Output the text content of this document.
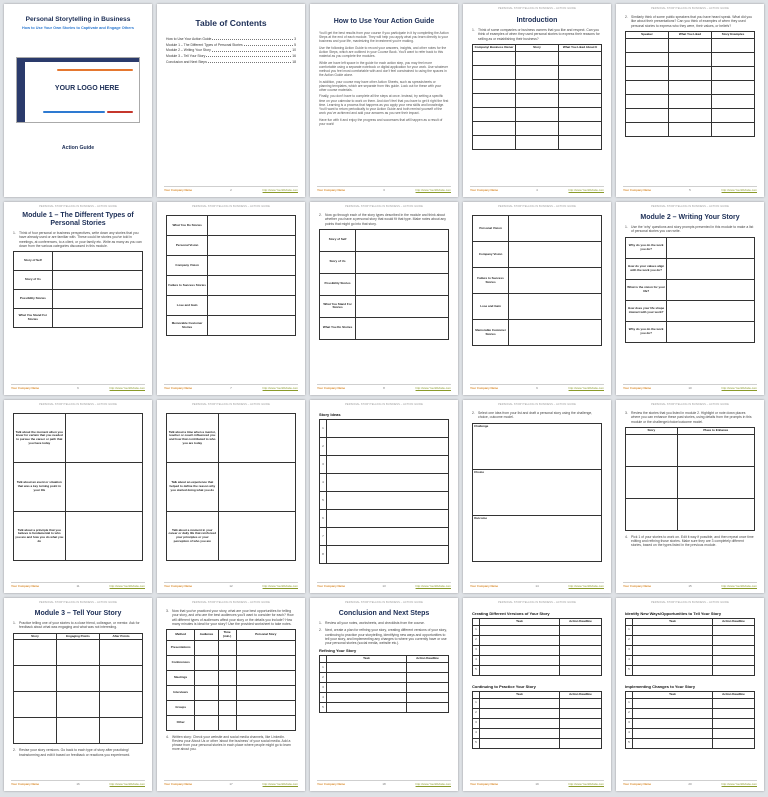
Personal Storytelling in Business
How to Use Your Own Stories to Captivate and Engage Others
YOUR LOGO HERE
Action Guide
Table of Contents
How to Use Your Action Guide	3
Module 1 – The Different Types of Personal Stories	5
Module 2 – Writing Your Story	10
Module 3 – Tell Your Story	16
Conclusion and Next Steps	18
Your Company Name	http://www.YourWebsite.com
2
How to Use Your Action Guide

You'll get the best results from your course if you participate in it by completing the Action Steps at the end of each module. They will help you apply what you learn directly to your business and your life, maximizing the investment you're making.

Use the following Action Guide to record your answers, insights, and other notes for the Action Steps, which are outlined in your Course Book. You'll want to refer back to this material as you complete the modules.

While we have left space in the guide for each action step, you may feel more comfortable using a separate notebook or digital application for your work. Use whatever method you feel most comfortable with and don't feel constrained to using the spaces in the Action Guide alone.

In addition, your course may have other Action Sheets, such as spreadsheets or planning templates, which are separate from this guide. Look out for these with your other course materials.

Finally, you don't have to complete all the steps at once. Instead, try setting a specific time on your calendar to work on them. And don't feel that you have to get it right the first time. Learning is a process that happens as you apply your new skills and knowledge. You'll want to return periodically to your Action Guide and both remind yourself of the work you've achieved and add your answers as you see their impact.

Have fun with it and enjoy the progress and successes that will happen as a result of your work!

Your Company Name	http://www.YourWebsite.com
3
PERSONAL STORYTELLING IN BUSINESS – ACTION GUIDE
Introduction
1. Think of some companies or business owners that you like and respect. Can you think of examples of when they used personal stories to express their reasons for selling as or establishing their business?
Company/ Business Owner	Story	What You Liked About It

Your Company Name	http://www.YourWebsite.com
4
PERSONAL STORYTELLING IN BUSINESS – ACTION GUIDE
2. Similarly think of some public speakers that you have heard speak. What did you like about their presentations? Can you think of examples of when they used personal stories to express who they were, their values, or beliefs?
Speaker	What You Liked	Story Examples

Your Company Name	http://www.YourWebsite.com
5
PERSONAL STORYTELLING IN BUSINESS – ACTION GUIDE
Module 1 – The Different Types of Personal Stories
1. Think of four personal or business perspectives, write down any stories that you have already used or are familiar with. These could be stories you've told in meetings, at conferences, to a client, or your family etc. Write as many as you can down from the various categories discussed in this module.
Story of Self	
Story of Us	
Possibility Stories	
What You Stand For Stories	
Your Company Name	http://www.YourWebsite.com
6
PERSONAL STORYTELLING IN BUSINESS – ACTION GUIDE
What You Do Stories	
Personal Vision	
Company Vision	
Failure to Success Stories	
Lose and Gain	
Memorable Customer Stories	
Your Company Name	http://www.YourWebsite.com
7
PERSONAL STORYTELLING IN BUSINESS – ACTION GUIDE
2. Now go through each of the story types described in the module and think about whether you have a personal story that would fit that type. Make notes about any points that might go into that story.
Story of Self	
Story of Us	
Possibility Stories	
What You Stand For Stories	
What You Do Stories	
Your Company Name	http://www.YourWebsite.com
8
PERSONAL STORYTELLING IN BUSINESS – ACTION GUIDE
Personal Vision	
Company Vision	
Failure to Success Stories	
Lose and Gain	
Memorable Customer Stories	
Your Company Name	http://www.YourWebsite.com
9
PERSONAL STORYTELLING IN BUSINESS – ACTION GUIDE
Module 2 – Writing Your Story
1. Use the 'why' questions and story prompts presented in this module to make a list of personal stories you can write.
Why do you do the work you do?	
How do your values align with the work you do?	
What is the vision for your life?	
How does your life shape interact with your work?	
Why do you do the work you do?	
Your Company Name	http://www.YourWebsite.com
10
PERSONAL STORYTELLING IN BUSINESS – ACTION GUIDE
Talk about the moment when you knew for certain that you needed to pursue the career or path that you have today	
Talk about an event or situation that was a key turning point in your life	
Talk about a principle that you believe is fundamental to who you are and how you do what you do	
Your Company Name	http://www.YourWebsite.com
11
PERSONAL STORYTELLING IN BUSINESS – ACTION GUIDE
Talk about a time when a mentor, teacher or coach influenced you and how that contributed to who you are today	
Talk about an experience that helped to define the reason why you started doing what you do	
Talk about a moment in your career or daily life that reinforced your principles or your perception of who you are	
Your Company Name	http://www.YourWebsite.com
12
PERSONAL STORYTELLING IN BUSINESS – ACTION GUIDE
Story Ideas
1	
2	
3	
4	
5	
6	
7	
8	
Your Company Name	http://www.YourWebsite.com
13
PERSONAL STORYTELLING IN BUSINESS – ACTION GUIDE
2. Select one idea from your list and draft a personal story using the challenge, choice, outcome model.
Challenge
Choice
Outcome
Your Company Name	http://www.YourWebsite.com
14
PERSONAL STORYTELLING IN BUSINESS – ACTION GUIDE
3. Review the stories that you listed in module 2. Highlight or note down places where you can enhance these past stories, using details from the prompts in this module or the challenge/choice/outcome model.
Story	Place to Enhance

4. Pick 1 of your stories to work on. Edit it way if possible, and then repeat once time editing and refining those stories. Make sure they are 3 completely different stories, based on the types listed in the previous module.
Your Company Name	http://www.YourWebsite.com
15
PERSONAL STORYTELLING IN BUSINESS – ACTION GUIDE
Module 3 – Tell Your Story
1. Practice telling one of your stories to a close friend, colleague, or mentor. Ask for feedback about what was engaging and what was not interesting.
Story	Engaging Points	After Points

2. Revise your story versions. Go back to each type of story after practicing/ brainstorming and edit it based on feedback or reactions you experienced.
Your Company Name	http://www.YourWebsite.com
16
PERSONAL STORYTELLING IN BUSINESS – ACTION GUIDE
3. Now that you've practiced your story, what are your best opportunities for telling your story, and who are the best audiences you'll want to consider for each? How will different types of audiences affect your story or the details you include? How many minutes is ideal for your story? Use the provided worksheet to take notes.
Method	Audience	Time (min.)	Personal Story
Presentations			
Conferences			
Meetings			
Interviews			
Groups			
Other			
4. Written story: Check your website and social media channels, like LinkedIn. Review your About Us or other 'about the business' of your social media. Add a phrase from your personal stories in each place where people might go to learn more about you.
Your Company Name	http://www.YourWebsite.com
17
PERSONAL STORYTELLING IN BUSINESS – ACTION GUIDE
Conclusion and Next Steps
1. Review all your notes, worksheets, and checklists from the course.
2. Next, create a plan for refining your story, creating different versions of your story, continuing to practice your storytelling, identifying new ways and opportunities to tell your story, and implementing any changes to where you currently have or use your personal stories (social media, website etc.).
Refining Your Story
	Task	Action Deadline
1		
2		
3		
4		
5		
Your Company Name	http://www.YourWebsite.com
18
PERSONAL STORYTELLING IN BUSINESS – ACTION GUIDE
Creating Different Versions of Your Story
	Task	Action Deadline
1		
2		
3		
4		
5		
Continuing to Practice Your Story
	Task	Action Deadline
1		
2		
3		
4		
5		
Your Company Name	http://www.YourWebsite.com
19
PERSONAL STORYTELLING IN BUSINESS – ACTION GUIDE
Identify New Ways/Opportunities to Tell Your Story
	Task	Action Deadline
1		
2		
3		
4		
5		
Implementing Changes to Your Story
	Task	Action Deadline
1		
2		
3		
4		
5		
Your Company Name	http://www.YourWebsite.com
20
